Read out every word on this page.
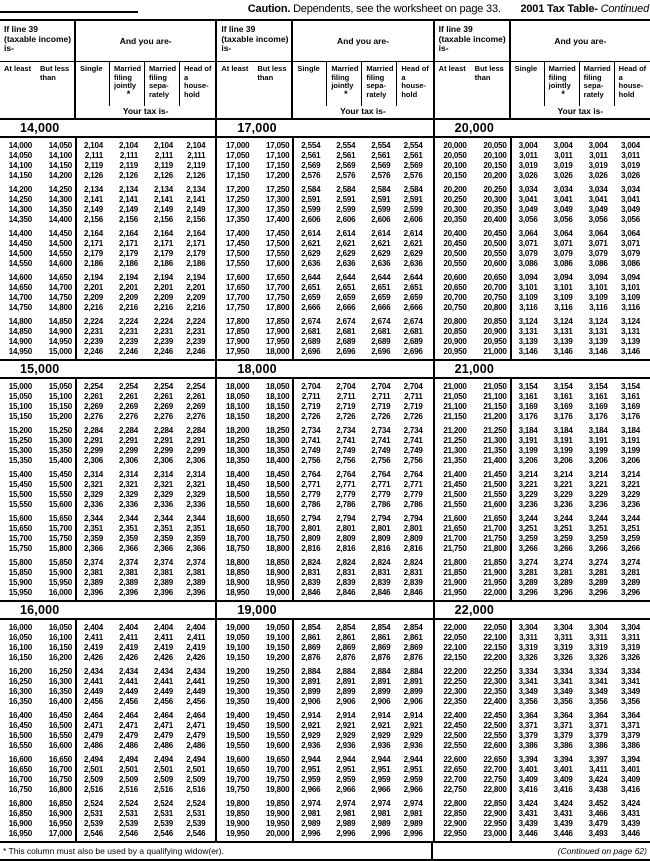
Caution. Dependents, see the worksheet on page 33. 2001 Tax Table- Continued
If line 39 (taxable income) is-
And you are-
At least	But less than
Single	Married filing jointly
*
Married filing sepa- rately
Head of a house- hold
Your tax is-
14,000
14,000	14,050	2,104	2,104	2,104	2,104
14,050	14,100	2,111	2,111	2,111	2,111
14,100	14,150	2,119	2,119	2,119	2,119
14,150	14,200	2,126	2,126	2,126	2,126
14,200	14,250	2,134	2,134	2,134	2,134
14,250	14,300	2,141	2,141	2,141	2,141
14,300	14,350	2,149	2,149	2,149	2,149
14,350	14,400	2,156	2,156	2,156	2,156
14,400	14,450	2,164	2,164	2,164	2,164
14,450	14,500	2,171	2,171	2,171	2,171
14,500	14,550	2,179	2,179	2,179	2,179
14,550	14,600	2,186	2,186	2,186	2,186
14,600	14,650	2,194	2,194	2,194	2,194
14,650	14,700	2,201	2,201	2,201	2,201
14,700	14,750	2,209	2,209	2,209	2,209
14,750	14,800	2,216	2,216	2,216	2,216
14,800	14,850	2,224	2,224	2,224	2,224
14,850	14,900	2,231	2,231	2,231	2,231
14,900	14,950	2,239	2,239	2,239	2,239
14,950	15,000	2,246	2,246	2,246	2,246
15,000
15,000	15,050	2,254	2,254	2,254	2,254
15,050	15,100	2,261	2,261	2,261	2,261
15,100	15,150	2,269	2,269	2,269	2,269
15,150	15,200	2,276	2,276	2,276	2,276
15,200	15,250	2,284	2,284	2,284	2,284
15,250	15,300	2,291	2,291	2,291	2,291
15,300	15,350	2,299	2,299	2,299	2,299
15,350	15,400	2,306	2,306	2,306	2,306
15,400	15,450	2,314	2,314	2,314	2,314
15,450	15,500	2,321	2,321	2,321	2,321
15,500	15,550	2,329	2,329	2,329	2,329
15,550	15,600	2,336	2,336	2,336	2,336
15,600	15,650	2,344	2,344	2,344	2,344
15,650	15,700	2,351	2,351	2,351	2,351
15,700	15,750	2,359	2,359	2,359	2,359
15,750	15,800	2,366	2,366	2,366	2,366
15,800	15,850	2,374	2,374	2,374	2,374
15,850	15,900	2,381	2,381	2,381	2,381
15,900	15,950	2,389	2,389	2,389	2,389
15,950	16,000	2,396	2,396	2,396	2,396
16,000
16,000	16,050	2,404	2,404	2,404	2,404
16,050	16,100	2,411	2,411	2,411	2,411
16,100	16,150	2,419	2,419	2,419	2,419
16,150	16,200	2,426	2,426	2,426	2,426
16,200	16,250	2,434	2,434	2,434	2,434
16,250	16,300	2,441	2,441	2,441	2,441
16,300	16,350	2,449	2,449	2,449	2,449
16,350	16,400	2,456	2,456	2,456	2,456
16,400	16,450	2,464	2,464	2,464	2,464
16,450	16,500	2,471	2,471	2,471	2,471
16,500	16,550	2,479	2,479	2,479	2,479
16,550	16,600	2,486	2,486	2,486	2,486
16,600	16,650	2,494	2,494	2,494	2,494
16,650	16,700	2,501	2,501	2,501	2,501
16,700	16,750	2,509	2,509	2,509	2,509
16,750	16,800	2,516	2,516	2,516	2,516
16,800	16,850	2,524	2,524	2,524	2,524
16,850	16,900	2,531	2,531	2,531	2,531
16,900	16,950	2,539	2,539	2,539	2,539
16,950	17,000	2,546	2,546	2,546	2,546
If line 39 (taxable income) is-
And you are-
At least	But less than
Single	Married filing jointly
*
Married filing sepa- rately
Head of a house- hold
Your tax is-
17,000
17,000	17,050	2,554	2,554	2,554	2,554
17,050	17,100	2,561	2,561	2,561	2,561
17,100	17,150	2,569	2,569	2,569	2,569
17,150	17,200	2,576	2,576	2,576	2,576
17,200	17,250	2,584	2,584	2,584	2,584
17,250	17,300	2,591	2,591	2,591	2,591
17,300	17,350	2,599	2,599	2,599	2,599
17,350	17,400	2,606	2,606	2,606	2,606
17,400	17,450	2,614	2,614	2,614	2,614
17,450	17,500	2,621	2,621	2,621	2,621
17,500	17,550	2,629	2,629	2,629	2,629
17,550	17,600	2,636	2,636	2,636	2,636
17,600	17,650	2,644	2,644	2,644	2,644
17,650	17,700	2,651	2,651	2,651	2,651
17,700	17,750	2,659	2,659	2,659	2,659
17,750	17,800	2,666	2,666	2,666	2,666
17,800	17,850	2,674	2,674	2,674	2,674
17,850	17,900	2,681	2,681	2,681	2,681
17,900	17,950	2,689	2,689	2,689	2,689
17,950	18,000	2,696	2,696	2,696	2,696
18,000
18,000	18,050	2,704	2,704	2,704	2,704
18,050	18,100	2,711	2,711	2,711	2,711
18,100	18,150	2,719	2,719	2,719	2,719
18,150	18,200	2,726	2,726	2,726	2,726
18,200	18,250	2,734	2,734	2,734	2,734
18,250	18,300	2,741	2,741	2,741	2,741
18,300	18,350	2,749	2,749	2,749	2,749
18,350	18,400	2,756	2,756	2,756	2,756
18,400	18,450	2,764	2,764	2,764	2,764
18,450	18,500	2,771	2,771	2,771	2,771
18,500	18,550	2,779	2,779	2,779	2,779
18,550	18,600	2,786	2,786	2,786	2,786
18,600	18,650	2,794	2,794	2,794	2,794
18,650	18,700	2,801	2,801	2,801	2,801
18,700	18,750	2,809	2,809	2,809	2,809
18,750	18,800	2,816	2,816	2,816	2,816
18,800	18,850	2,824	2,824	2,824	2,824
18,850	18,900	2,831	2,831	2,831	2,831
18,900	18,950	2,839	2,839	2,839	2,839
18,950	19,000	2,846	2,846	2,846	2,846
19,000
19,000	19,050	2,854	2,854	2,854	2,854
19,050	19,100	2,861	2,861	2,861	2,861
19,100	19,150	2,869	2,869	2,869	2,869
19,150	19,200	2,876	2,876	2,876	2,876
19,200	19,250	2,884	2,884	2,884	2,884
19,250	19,300	2,891	2,891	2,891	2,891
19,300	19,350	2,899	2,899	2,899	2,899
19,350	19,400	2,906	2,906	2,906	2,906
19,400	19,450	2,914	2,914	2,914	2,914
19,450	19,500	2,921	2,921	2,921	2,921
19,500	19,550	2,929	2,929	2,929	2,929
19,550	19,600	2,936	2,936	2,936	2,936
19,600	19,650	2,944	2,944	2,944	2,944
19,650	19,700	2,951	2,951	2,951	2,951
19,700	19,750	2,959	2,959	2,959	2,959
19,750	19,800	2,966	2,966	2,966	2,966
19,800	19,850	2,974	2,974	2,974	2,974
19,850	19,900	2,981	2,981	2,981	2,981
19,900	19,950	2,989	2,989	2,989	2,989
19,950	20,000	2,996	2,996	2,996	2,996
If line 39 (taxable income) is-
And you are-
At least	But less than
Single	Married filing jointly
*
Married filing sepa- rately
Head of a house- hold
Your tax is-
20,000
20,000	20,050	3,004	3,004	3,004	3,004
20,050	20,100	3,011	3,011	3,011	3,011
20,100	20,150	3,019	3,019	3,019	3,019
20,150	20,200	3,026	3,026	3,026	3,026
20,200	20,250	3,034	3,034	3,034	3,034
20,250	20,300	3,041	3,041	3,041	3,041
20,300	20,350	3,049	3,049	3,049	3,049
20,350	20,400	3,056	3,056	3,056	3,056
20,400	20,450	3,064	3,064	3,064	3,064
20,450	20,500	3,071	3,071	3,071	3,071
20,500	20,550	3,079	3,079	3,079	3,079
20,550	20,600	3,086	3,086	3,086	3,086
20,600	20,650	3,094	3,094	3,094	3,094
20,650	20,700	3,101	3,101	3,101	3,101
20,700	20,750	3,109	3,109	3,109	3,109
20,750	20,800	3,116	3,116	3,116	3,116
20,800	20,850	3,124	3,124	3,124	3,124
20,850	20,900	3,131	3,131	3,131	3,131
20,900	20,950	3,139	3,139	3,139	3,139
20,950	21,000	3,146	3,146	3,146	3,146
21,000
21,000	21,050	3,154	3,154	3,154	3,154
21,050	21,100	3,161	3,161	3,161	3,161
21,100	21,150	3,169	3,169	3,169	3,169
21,150	21,200	3,176	3,176	3,176	3,176
21,200	21,250	3,184	3,184	3,184	3,184
21,250	21,300	3,191	3,191	3,191	3,191
21,300	21,350	3,199	3,199	3,199	3,199
21,350	21,400	3,206	3,206	3,206	3,206
21,400	21,450	3,214	3,214	3,214	3,214
21,450	21,500	3,221	3,221	3,221	3,221
21,500	21,550	3,229	3,229	3,229	3,229
21,550	21,600	3,236	3,236	3,236	3,236
21,600	21,650	3,244	3,244	3,244	3,244
21,650	21,700	3,251	3,251	3,251	3,251
21,700	21,750	3,259	3,259	3,259	3,259
21,750	21,800	3,266	3,266	3,266	3,266
21,800	21,850	3,274	3,274	3,274	3,274
21,850	21,900	3,281	3,281	3,281	3,281
21,900	21,950	3,289	3,289	3,289	3,289
21,950	22,000	3,296	3,296	3,296	3,296
22,000
22,000	22,050	3,304	3,304	3,304	3,304
22,050	22,100	3,311	3,311	3,311	3,311
22,100	22,150	3,319	3,319	3,319	3,319
22,150	22,200	3,326	3,326	3,326	3,326
22,200	22,250	3,334	3,334	3,334	3,334
22,250	22,300	3,341	3,341	3,341	3,341
22,300	22,350	3,349	3,349	3,349	3,349
22,350	22,400	3,356	3,356	3,356	3,356
22,400	22,450	3,364	3,364	3,364	3,364
22,450	22,500	3,371	3,371	3,371	3,371
22,500	22,550	3,379	3,379	3,379	3,379
22,550	22,600	3,386	3,386	3,386	3,386
22,600	22,650	3,394	3,394	3,397	3,394
22,650	22,700	3,401	3,401	3,411	3,401
22,700	22,750	3,409	3,409	3,424	3,409
22,750	22,800	3,416	3,416	3,438	3,416
22,800	22,850	3,424	3,424	3,452	3,424
22,850	22,900	3,431	3,431	3,466	3,431
22,900	22,950	3,439	3,439	3,479	3,439
22,950	23,000	3,446	3,446	3,493	3,446
* This column must also be used by a qualifying widow(er).	(Continued on page 62)
